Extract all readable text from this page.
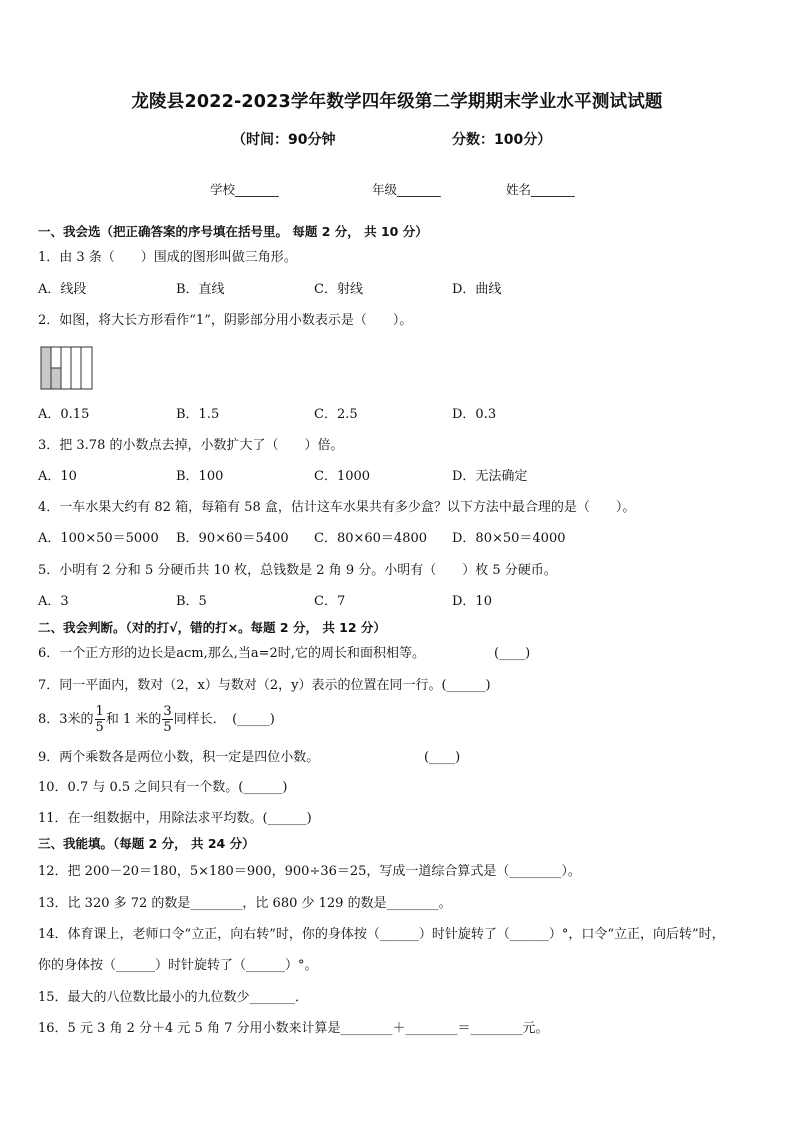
龙陵县2022-2023学年数学四年级第二学期期末学业水平测试试题
（时间：90分钟	分数：100分）
学校_______	年级_______	姓名_______
一、我会选（把正确答案的序号填在括号里。 每题 2 分， 共 10 分）
1．由 3 条（　　）围成的图形叫做三角形。
A．线段	B．直线	C．射线	D．曲线
2．如图，将大长方形看作“1”，阴影部分用小数表示是（　　）。
A．0.15	B．1.5	C．2.5	D．0.3
3．把 3.78 的小数点去掉，小数扩大了（　　）倍。
A．10	B．100	C．1000	D．无法确定
4．一车水果大约有 82 箱，每箱有 58 盒，估计这车水果共有多少盒？以下方法中最合理的是（　　）。
A．100×50＝5000 B．90×60＝5400 C．80×60＝4800 D．80×50＝4000
5．小明有 2 分和 5 分硬币共 10 枚，总钱数是 2 角 9 分。小明有（　　）枚 5 分硬币。
A．3	B．5	C．7	D．10
二、我会判断。（对的打√，错的打×。每题 2 分， 共 12 分）
6．一个正方形的边长是acm,那么,当a=2时,它的周长和面积相等。	(____)
7．同一平面内，数对（2，x）与数对（2，y）表示的位置在同一行。(______)
8．3米的 $\frac{1}{5}$ 和 1 米的 $\frac{3}{5}$ 同样长．　(_____)
9．两个乘数各是两位小数，积一定是四位小数。	(____)
10．0.7 与 0.5 之间只有一个数。(______)
11．在一组数据中，用除法求平均数。(______)
三、我能填。（每题 2 分， 共 24 分）
12．把 200－20＝180，5×180＝900，900÷36＝25，写成一道综合算式是（________）。
13．比 320 多 72 的数是________，比 680 少 129 的数是________。
14．体育课上，老师口令“立正，向右转”时，你的身体按（______）时针旋转了（______）°，口令“立正，向后转”时，
你的身体按（______）时针旋转了（______）°。
15．最大的八位数比最小的九位数少_______．
16．5 元 3 角 2 分＋4 元 5 角 7 分用小数来计算是________＋________＝________元。
